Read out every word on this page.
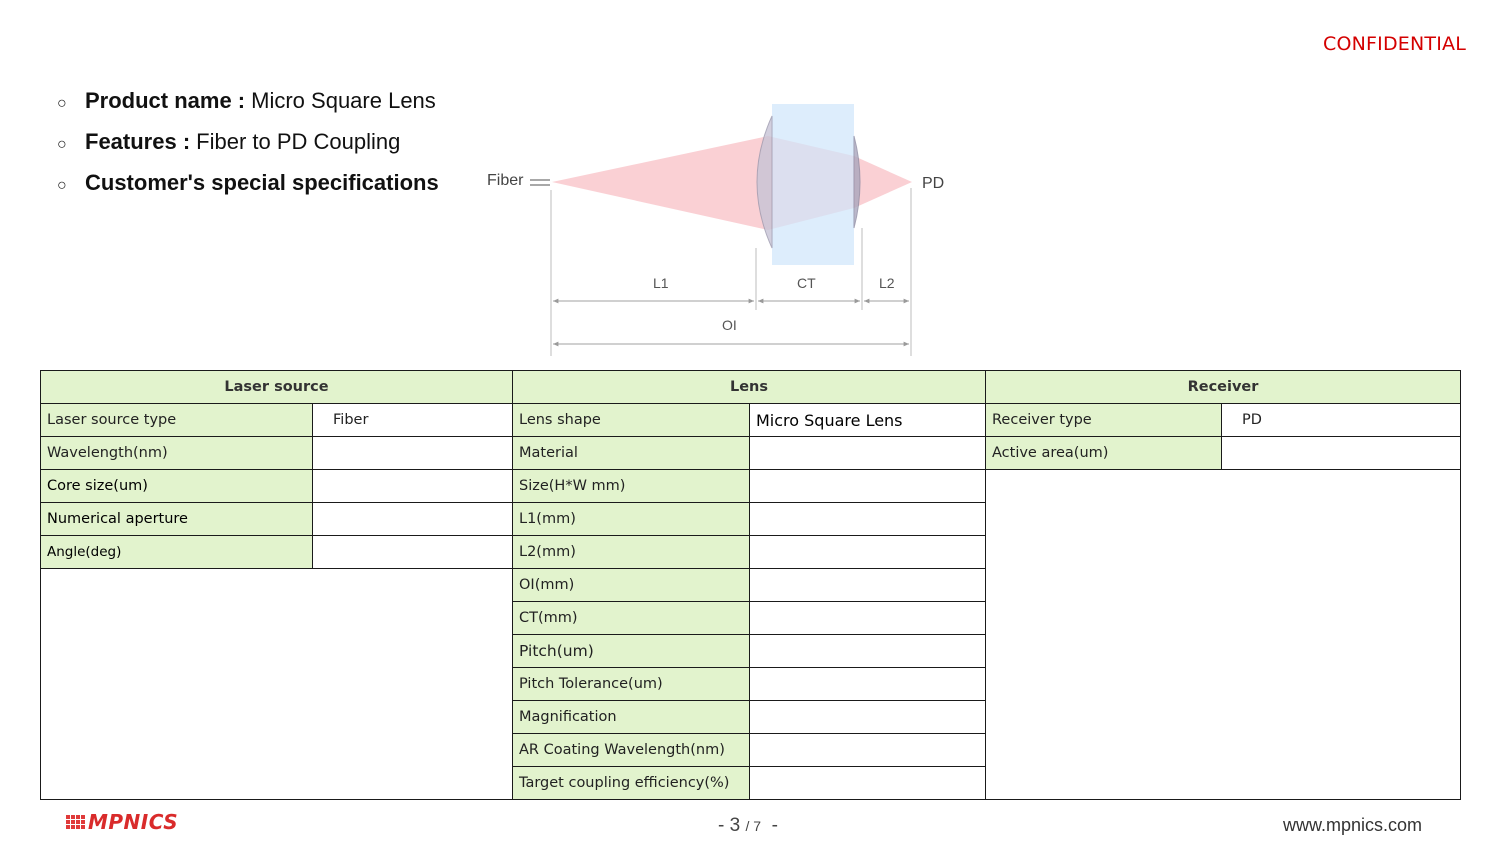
CONFIDENTIAL
○ Product name : Micro Square Lens
○ Features : Fiber to PD Coupling
○ Customer's special specifications	Fiber	PD
L1	CT	L2
OI
Laser source		Lens		Receiver	
Laser source type	Fiber	Lens shape	Micro Square Lens	Receiver type	PD
Wavelength(nm)		Material		Active area(um)	
Core size(um)		Size(H*W mm)			
Numerical aperture		L1(mm)			
Angle(deg)		L2(mm)			
		OI(mm)			
		CT(mm)			
		Pitch(um)			
		Pitch Tolerance(um)			
		Magnification			
		AR Coating Wavelength(nm)			
		Target coupling efficiency(%)			
MPNICS	- 3 / 7  -	www.mpnics.com
